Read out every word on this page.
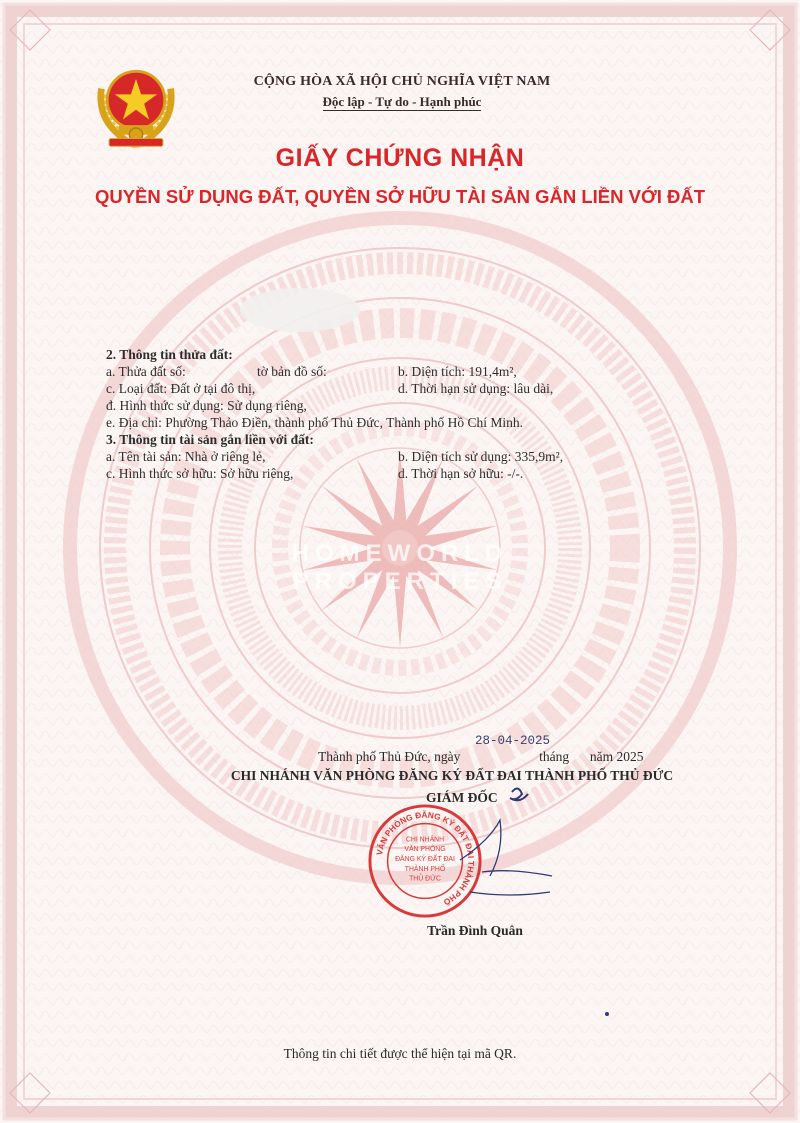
CỘNG HÒA XÃ HỘI CHỦ NGHĨA VIỆT NAM
Độc lập - Tự do - Hạnh phúc
GIẤY CHỨNG NHẬN
QUYỀN SỬ DỤNG ĐẤT, QUYỀN SỞ HỮU TÀI SẢN GẮN LIỀN VỚI ĐẤT
2. Thông tin thửa đất:
a. Thửa đất số:	tờ bản đồ số:	b. Diện tích: 191,4m²,
c. Loại đất: Đất ở tại đô thị,	d. Thời hạn sử dụng: lâu dài,
đ. Hình thức sử dụng: Sử dụng riêng,
e. Địa chỉ: Phường Thảo Điền, thành phố Thủ Đức, Thành phố Hồ Chí Minh.
3. Thông tin tài sản gắn liền với đất:
a. Tên tài sản: Nhà ở riêng lẻ,	b. Diện tích sử dụng: 335,9m²,
c. Hình thức sở hữu: Sở hữu riêng,	d. Thời hạn sở hữu: -/-.
HOMEWORLD PROPERTIES
Thành phố Thủ Đức, ngày	tháng năm 2025
28-04-2025
CHI NHÁNH VĂN PHÒNG ĐĂNG KÝ ĐẤT ĐAI THÀNH PHỐ THỦ ĐỨC
GIÁM ĐỐC
VĂN PHÒNG ĐĂNG KÝ ĐẤT ĐAI THÀNH PHỐ
CHI NHÁNH
VĂN PHÒNG
ĐĂNG KÝ ĐẤT ĐAI
THÀNH PHỐ
THỦ ĐỨC
Trần Đình Quân
Thông tin chi tiết được thể hiện tại mã QR.
